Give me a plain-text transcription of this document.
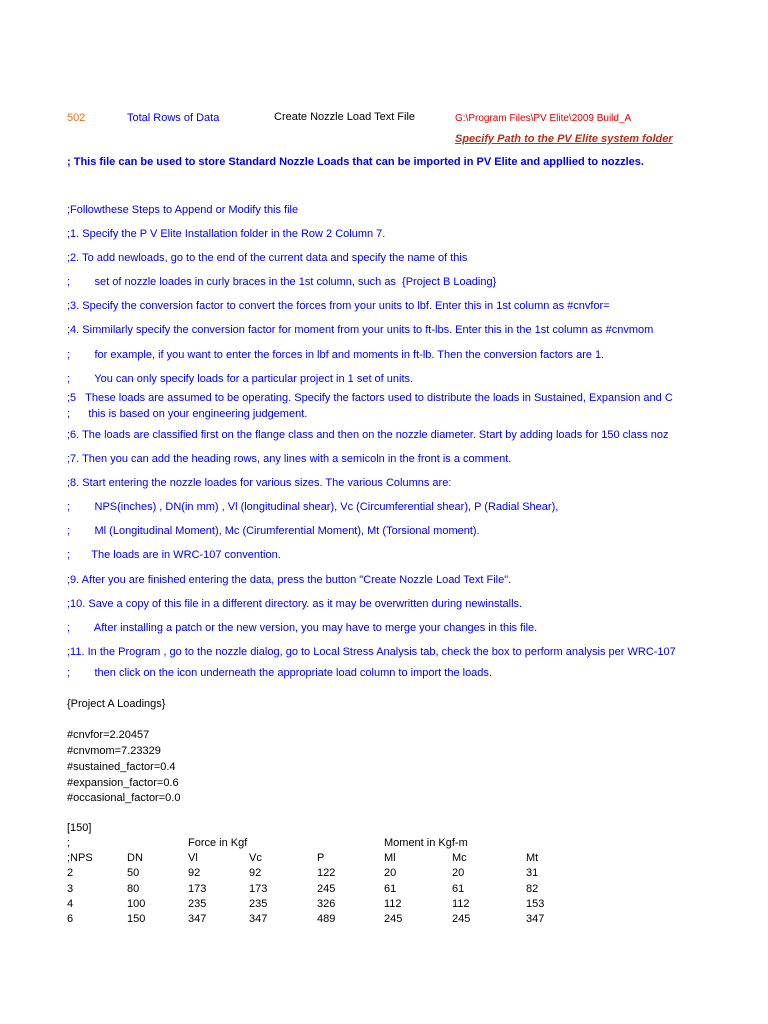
502	Total Rows of Data	Create Nozzle Load Text File	G:\Program Files\PV Elite\2009 Build_A
Specify Path to the PV Elite system folder
; This file can be used to store Standard Nozzle Loads that can be imported in PV Elite and appllied to nozzles.
;Followthese Steps to Append or Modify this file
;1. Specify the P V Elite Installation folder in the Row 2 Column 7.
;2. To add newloads, go to the end of the current data and specify the name of this
;        set of nozzle loades in curly braces in the 1st column, such as  {Project B Loading}
;3. Specify the conversion factor to convert the forces from your units to lbf. Enter this in 1st column as #cnvfor=
;4. Simmilarly specify the conversion factor for moment from your units to ft-lbs. Enter this in the 1st column as #cnvmom
;        for example, if you want to enter the forces in lbf and moments in ft-lb. Then the conversion factors are 1.
;        You can only specify loads for a particular project in 1 set of units.
;5   These loads are assumed to be operating. Specify the factors used to distribute the loads in Sustained, Expansion and C
;      this is based on your engineering judgement.
;6. The loads are classified first on the flange class and then on the nozzle diameter. Start by adding loads for 150 class noz
;7. Then you can add the heading rows, any lines with a semicoln in the front is a comment.
;8. Start entering the nozzle loades for various sizes. The various Columns are:
;        NPS(inches) , DN(in mm) , Vl (longitudinal shear), Vc (Circumferential shear), P (Radial Shear),
;        Ml (Longitudinal Moment), Mc (Cirumferential Moment), Mt (Torsional moment).
;       The loads are in WRC-107 convention.
;9. After you are finished entering the data, press the button "Create Nozzle Load Text File".
;10. Save a copy of this file in a different directory. as it may be overwritten during newinstalls.
;        After installing a patch or the new version, you may have to merge your changes in this file.
;11. In the Program , go to the nozzle dialog, go to Local Stress Analysis tab, check the box to perform analysis per WRC-107
;        then click on the icon underneath the appropriate load column to import the loads.
{Project A Loadings}
#cnvfor=2.20457
#cnvmom=7.23329
#sustained_factor=0.4
#expansion_factor=0.6
#occasional_factor=0.0
[150]
;	Force in Kgf	Moment in Kgf-m
;NPS	DN	Vl	Vc	P	Ml	Mc	Mt
2	50	92	92	122	20	20	31
3	80	173	173	245	61	61	82
4	100	235	235	326	112	112	153
6	150	347	347	489	245	245	347
